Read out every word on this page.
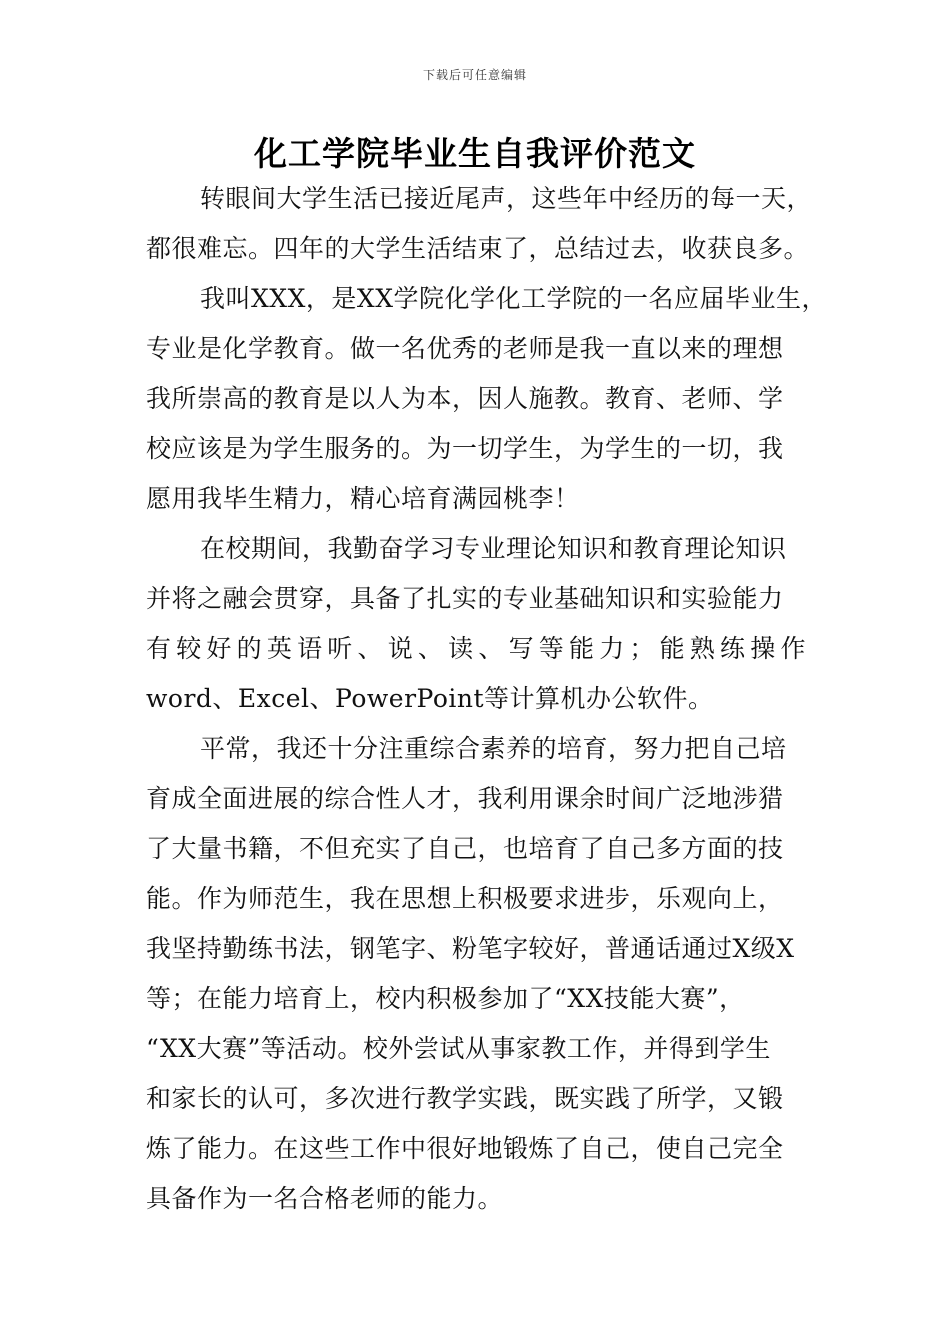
下载后可任意编辑
化工学院毕业生自我评价范文
转眼间大学生活已接近尾声，这些年中经历的每一天，
都很难忘。四年的大学生活结束了，总结过去，收获良多。
我叫XXX，是XX学院化学化工学院的一名应届毕业生，
专业是化学教育。做一名优秀的老师是我一直以来的理想
我所崇高的教育是以人为本，因人施教。教育、老师、学
校应该是为学生服务的。为一切学生，为学生的一切，我
愿用我毕生精力，精心培育满园桃李！
在校期间，我勤奋学习专业理论知识和教育理论知识
并将之融会贯穿，具备了扎实的专业基础知识和实验能力
有较好的英语听、说、读、写等能力；能熟练操作
word、Excel、PowerPoint等计算机办公软件。
平常，我还十分注重综合素养的培育，努力把自己培
育成全面进展的综合性人才，我利用课余时间广泛地涉猎
了大量书籍，不但充实了自己，也培育了自己多方面的技
能。作为师范生，我在思想上积极要求进步，乐观向上，
我坚持勤练书法，钢笔字、粉笔字较好，普通话通过X级X
等；在能力培育上，校内积极参加了“XX技能大赛”，
“XX大赛”等活动。校外尝试从事家教工作，并得到学生
和家长的认可，多次进行教学实践，既实践了所学，又锻
炼了能力。在这些工作中很好地锻炼了自己，使自己完全
具备作为一名合格老师的能力。
